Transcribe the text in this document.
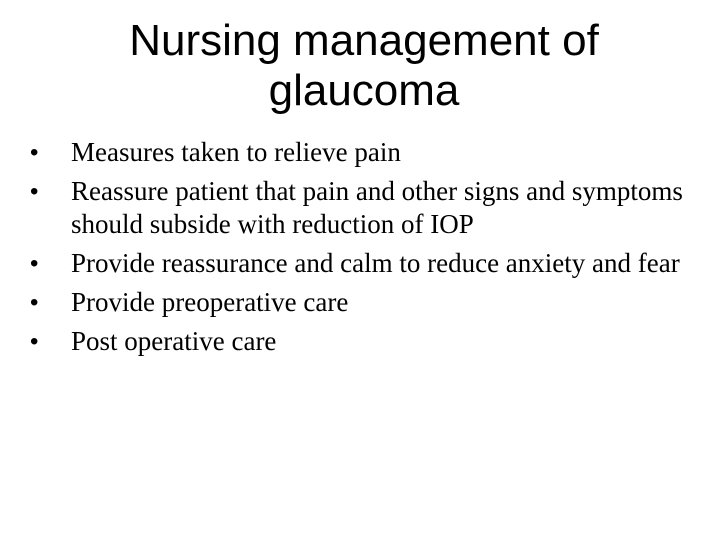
Nursing management of
glaucoma
• Measures taken to relieve pain
• Reassure patient that pain and other signs and symptoms should subside with reduction of IOP
• Provide reassurance and calm to reduce anxiety and fear
• Provide preoperative care
• Post operative care
